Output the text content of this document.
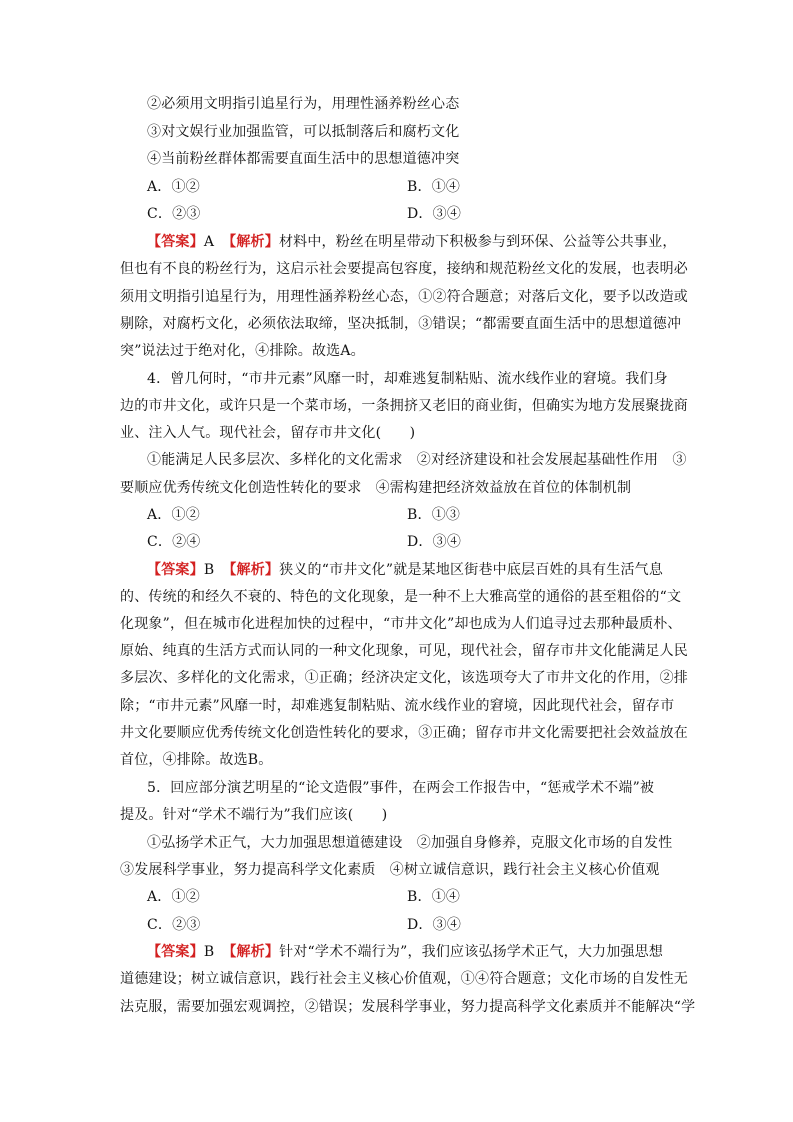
②必须用文明指引追星行为，用理性涵养粉丝心态
③对文娱行业加强监管，可以抵制落后和腐朽文化
④当前粉丝群体都需要直面生活中的思想道德冲突
A．①②	B．①④
C．②③	D．③④
【 答案 】 A 【 解析 】 材料中，粉丝在明星带动下积极参与到环保、公益等公共事业，
但也有不良的粉丝行为，这启示社会要提高包容度，接纳和规范粉丝文化的发展，也表明必
须用文明指引追星行为，用理性涵养粉丝心态，①②符合题意；对落后文化，要予以改造或
剔除，对腐朽文化，必须依法取缔，坚决抵制，③错误；“都需要直面生活中的思想道德冲
突”说法过于绝对化，④排除。故选A。
4．曾几何时，“市井元素”风靡一时，却难逃复制粘贴、流水线作业的窘境。我们身
边的市井文化，或许只是一个菜市场，一条拥挤又老旧的商业街，但确实为地方发展聚拢商
业、注入人气。现代社会，留存市井文化(　　)
①能满足人民多层次、多样化的文化需求　②对经济建设和社会发展起基础性作用　③
要顺应优秀传统文化创造性转化的要求　④需构建把经济效益放在首位的体制机制
A．①②	B．①③
C．②④	D．③④
【 答案 】 B 【 解析 】 狭义的“市井文化”就是某地区街巷中底层百姓的具有生活气息
的、传统的和经久不衰的、特色的文化现象，是一种不上大雅高堂的通俗的甚至粗俗的“文
化现象”，但在城市化进程加快的过程中，“市井文化”却也成为人们追寻过去那种最质朴、
原始、纯真的生活方式而认同的一种文化现象，可见，现代社会，留存市井文化能满足人民
多层次、多样化的文化需求，①正确；经济决定文化，该选项夸大了市井文化的作用，②排
除；“市井元素”风靡一时，却难逃复制粘贴、流水线作业的窘境，因此现代社会，留存市
井文化要顺应优秀传统文化创造性转化的要求，③正确；留存市井文化需要把社会效益放在
首位，④排除。故选B。
5．回应部分演艺明星的“论文造假”事件，在两会工作报告中，“惩戒学术不端”被
提及。针对“学术不端行为”我们应该(　　)
①弘扬学术正气，大力加强思想道德建设　②加强自身修养，克服文化市场的自发性
③发展科学事业，努力提高科学文化素质　④树立诚信意识，践行社会主义核心价值观
A．①②	B．①④
C．②③	D．③④
【 答案 】 B 【 解析 】 针对“学术不端行为”，我们应该弘扬学术正气，大力加强思想
道德建设；树立诚信意识，践行社会主义核心价值观，①④符合题意；文化市场的自发性无
法克服，需要加强宏观调控，②错误；发展科学事业，努力提高科学文化素质并不能解决“学
